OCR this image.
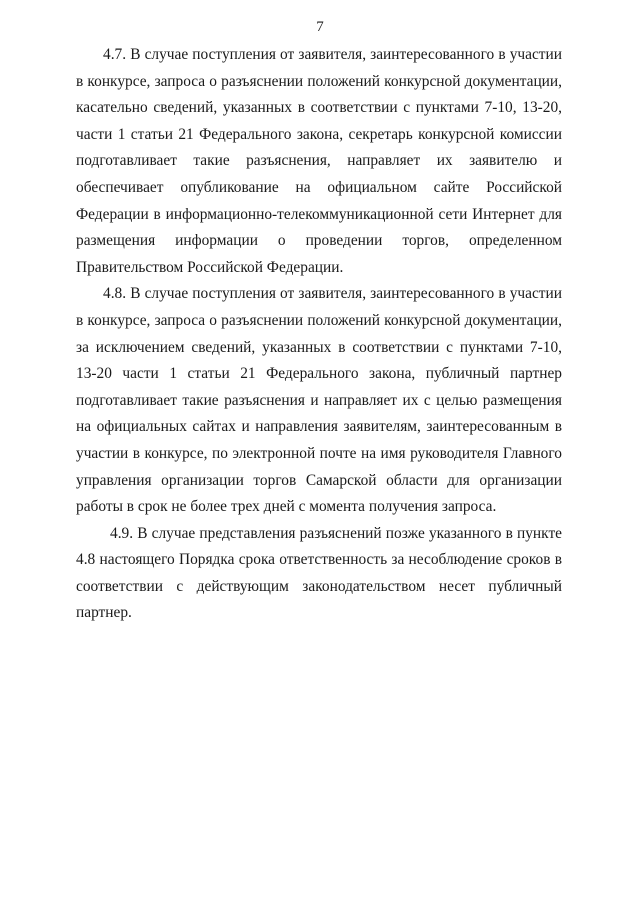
7

4.7. В случае поступления от заявителя, заинтересованного в участии в конкурсе, запроса о разъяснении положений конкурсной документации, касательно сведений, указанных в соответствии с пунктами 7-10, 13-20, части 1 статьи 21 Федерального закона, секретарь конкурсной комиссии подготавливает такие разъяснения, направляет их заявителю и обеспечивает опубликование на официальном сайте Российской Федерации в информационно-телекоммуникационной сети Интернет для размещения информации о проведении торгов, определенном Правительством Российской Федерации.

4.8. В случае поступления от заявителя, заинтересованного в участии в конкурсе, запроса о разъяснении положений конкурсной документации, за исключением сведений, указанных в соответствии с пунктами 7-10, 13-20 части 1 статьи 21 Федерального закона, публичный партнер подготавливает такие разъяснения и направляет их с целью размещения на официальных сайтах и направления заявителям, заинтересованным в участии в конкурсе, по электронной почте на имя руководителя Главного управления организации торгов Самарской области для организации работы в срок не более трех дней с момента получения запроса.

4.9. В случае представления разъяснений позже указанного в пункте 4.8 настоящего Порядка срока ответственность за несоблюдение сроков в соответствии с действующим законодательством несет публичный партнер.
